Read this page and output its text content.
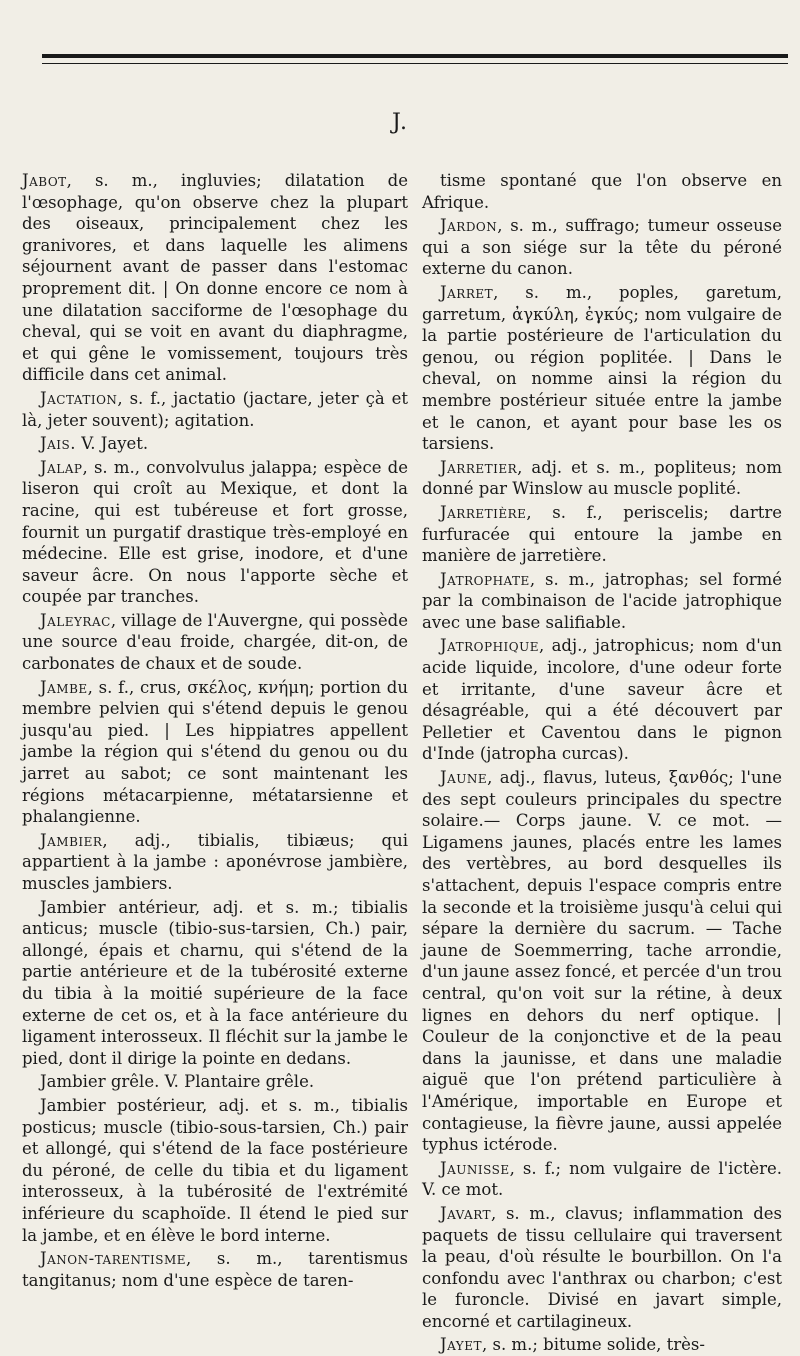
J.

Jabot, s. m., ingluvies; dilatation de l'œsophage, qu'on observe chez la plupart des oiseaux, principalement chez les granivores, et dans laquelle les alimens séjournent avant de passer dans l'estomac proprement dit. | On donne encore ce nom à une dilatation sacciforme de l'œsophage du cheval, qui se voit en avant du diaphragme, et qui gêne le vomissement, toujours très difficile dans cet animal.

Jactation, s. f., jactatio (jactare, jeter çà et là, jeter souvent); agitation.

Jais. V. Jayet.

Jalap, s. m., convolvulus jalappa; espèce de liseron qui croît au Mexique, et dont la racine, qui est tubéreuse et fort grosse, fournit un purgatif drastique très-employé en médecine. Elle est grise, inodore, et d'une saveur âcre. On nous l'apporte sèche et coupée par tranches.

Jaleyrac, village de l'Auvergne, qui possède une source d'eau froide, chargée, dit-on, de carbonates de chaux et de soude.

Jambe, s. f., crus, σκέλος, κνήμη; portion du membre pelvien qui s'étend depuis le genou jusqu'au pied. | Les hippiatres appellent jambe la région qui s'étend du genou ou du jarret au sabot; ce sont maintenant les régions métacarpienne, métatarsienne et phalangienne.

Jambier, adj., tibialis, tibiæus; qui appartient à la jambe : aponévrose jambière, muscles jambiers.

Jambier antérieur, adj. et s. m.; tibialis anticus; muscle (tibio-sus-tarsien, Ch.) pair, allongé, épais et charnu, qui s'étend de la partie antérieure et de la tubérosité externe du tibia à la moitié supérieure de la face externe de cet os, et à la face antérieure du ligament interosseux. Il fléchit sur la jambe le pied, dont il dirige la pointe en dedans.

Jambier grêle. V. Plantaire grêle.

Jambier postérieur, adj. et s. m., tibialis posticus; muscle (tibio-sous-tarsien, Ch.) pair et allongé, qui s'étend de la face postérieure du péroné, de celle du tibia et du ligament interosseux, à la tubérosité de l'extrémité inférieure du scaphoïde. Il étend le pied sur la jambe, et en élève le bord interne.

Janon-tarentisme, s. m., tarentismus tangitanus; nom d'une espèce de taren-

tisme spontané que l'on observe en Afrique.

Jardon, s. m., suffrago; tumeur osseuse qui a son siége sur la tête du péroné externe du canon.

Jarret, s. m., poples, garetum, garretum, ἀγκύλη, ἐγκύς; nom vulgaire de la partie postérieure de l'articulation du genou, ou région poplitée. | Dans le cheval, on nomme ainsi la région du membre postérieur située entre la jambe et le canon, et ayant pour base les os tarsiens.

Jarretier, adj. et s. m., popliteus; nom donné par Winslow au muscle poplité.

Jarretière, s. f., periscelis; dartre furfuracée qui entoure la jambe en manière de jarretière.

Jatrophate, s. m., jatrophas; sel formé par la combinaison de l'acide jatrophique avec une base salifiable.

Jatrophique, adj., jatrophicus; nom d'un acide liquide, incolore, d'une odeur forte et irritante, d'une saveur âcre et désagréable, qui a été découvert par Pelletier et Caventou dans le pignon d'Inde (jatropha curcas).

Jaune, adj., flavus, luteus, ξανθός; l'une des sept couleurs principales du spectre solaire.— Corps jaune. V. ce mot. — Ligamens jaunes, placés entre les lames des vertèbres, au bord desquelles ils s'attachent, depuis l'espace compris entre la seconde et la troisième jusqu'à celui qui sépare la dernière du sacrum. — Tache jaune de Soemmerring, tache arrondie, d'un jaune assez foncé, et percée d'un trou central, qu'on voit sur la rétine, à deux lignes en dehors du nerf optique. | Couleur de la conjonctive et de la peau dans la jaunisse, et dans une maladie aiguë que l'on prétend particulière à l'Amérique, importable en Europe et contagieuse, la fièvre jaune, aussi appelée typhus ictérode.

Jaunisse, s. f.; nom vulgaire de l'ictère. V. ce mot.

Javart, s. m., clavus; inflammation des paquets de tissu cellulaire qui traversent la peau, d'où résulte le bourbillon. On l'a confondu avec l'anthrax ou charbon; c'est le furoncle. Divisé en javart simple, encorné et cartilagineux.

Jayet, s. m.; bitume solide, très-
